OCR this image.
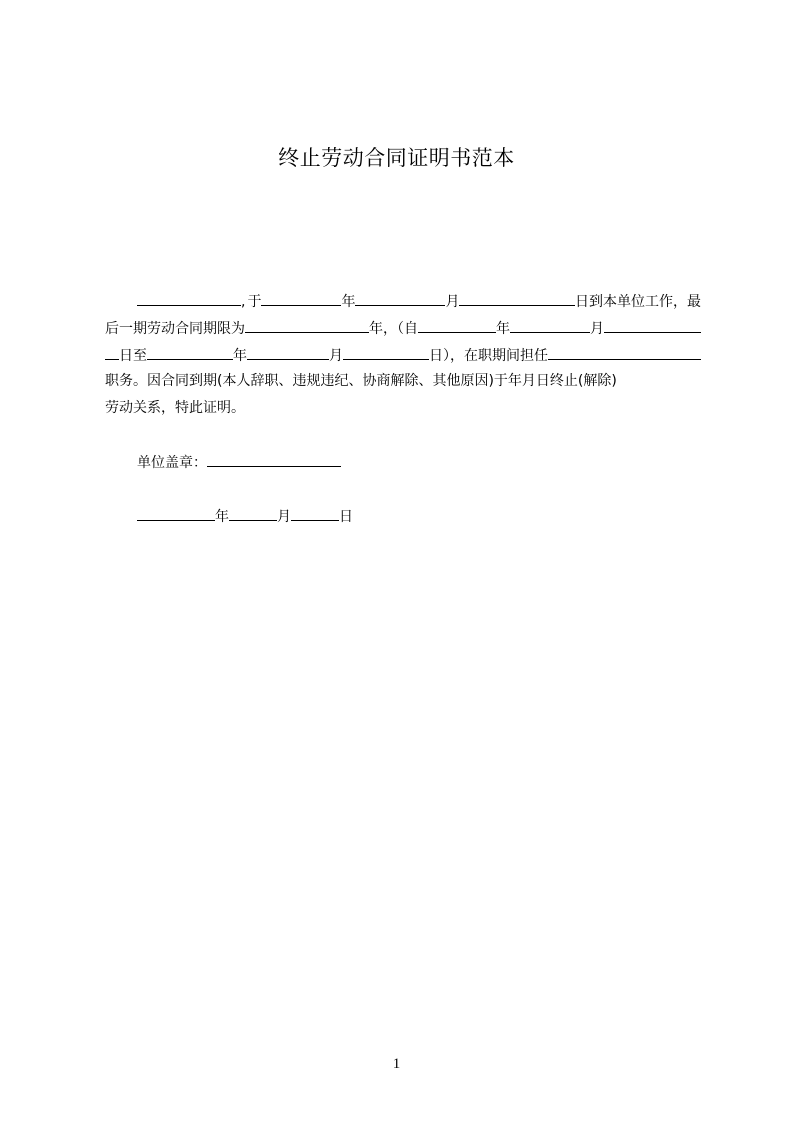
终止劳动合同证明书范本
, 于	年	月	日到本单位工作，最
后一期劳动合同期限为	年，（自	年	月
日至	年	月	日），在职期间担任
职务。因合同到期(本人辞职、违规违纪、协商解除、其他原因)于年月日终止(解除)
劳动关系，特此证明。
单位盖章：
年	月	日
1
